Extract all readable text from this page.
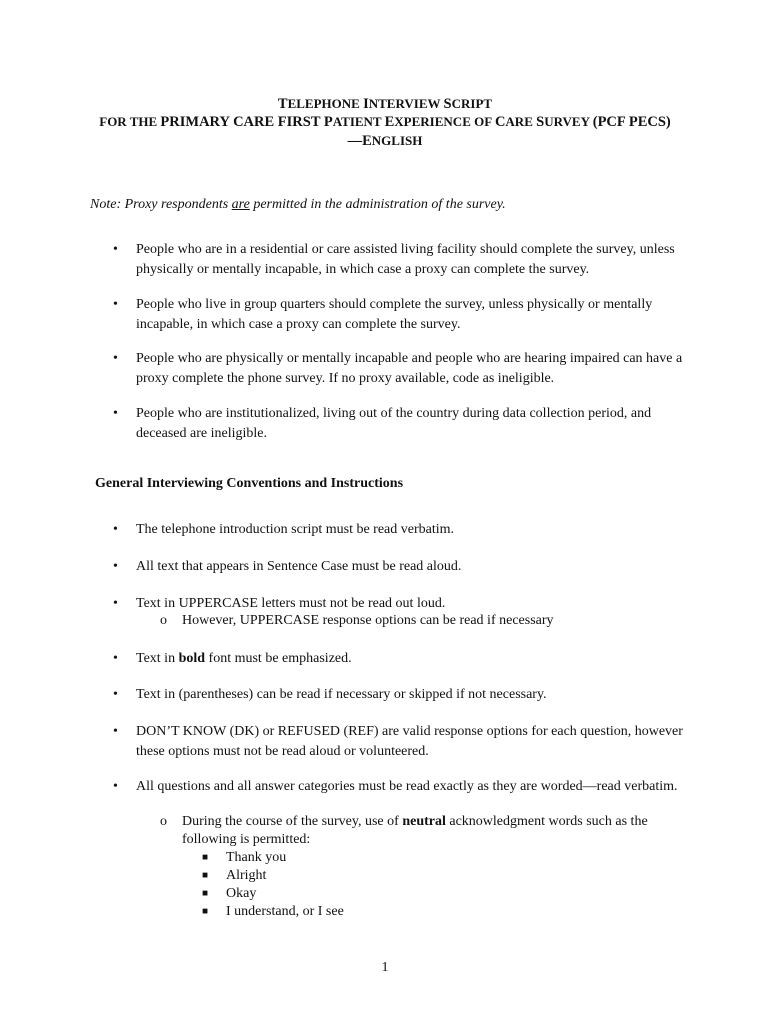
TELEPHONE INTERVIEW SCRIPT
FOR THE PRIMARY CARE FIRST PATIENT EXPERIENCE OF CARE SURVEY (PCF PECS)
—ENGLISH
Note: Proxy respondents are permitted in the administration of the survey.
• People who are in a residential or care assisted living facility should complete the survey, unless physically or mentally incapable, in which case a proxy can complete the survey.
• People who live in group quarters should complete the survey, unless physically or mentally incapable, in which case a proxy can complete the survey.
• People who are physically or mentally incapable and people who are hearing impaired can have a proxy complete the phone survey. If no proxy available, code as ineligible.
• People who are institutionalized, living out of the country during data collection period, and deceased are ineligible.
General Interviewing Conventions and Instructions
• The telephone introduction script must be read verbatim.
• All text that appears in Sentence Case must be read aloud.
• Text in UPPERCASE letters must not be read out loud.
o However, UPPERCASE response options can be read if necessary
• Text in bold font must be emphasized.
• Text in (parentheses) can be read if necessary or skipped if not necessary.
• DON’T KNOW (DK) or REFUSED (REF) are valid response options for each question, however these options must not be read aloud or volunteered.
• All questions and all answer categories must be read exactly as they are worded—read verbatim.
o During the course of the survey, use of neutral acknowledgment words such as the following is permitted:
■ Thank you
■ Alright
■ Okay
■ I understand, or I see
1
